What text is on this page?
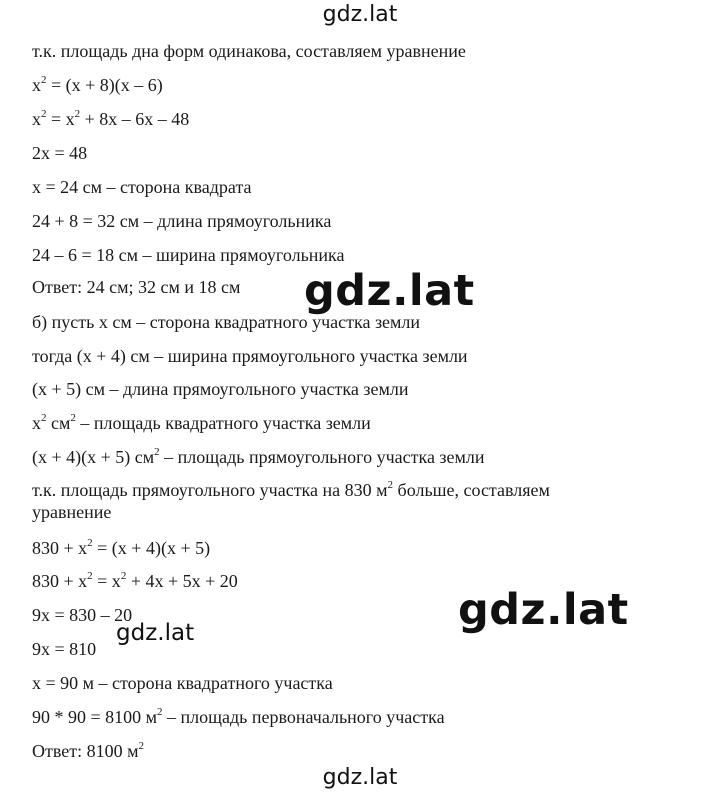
т.к. площадь дна форм одинакова, составляем уравнение
$x^2 = (x + 8)(x - 6)$
$x^2 = x^2 + 8x - 6x - 48$
2x = 48
x = 24 см – сторона квадрата
24 + 8 = 32 см – длина прямоугольника
24 – 6 = 18 см – ширина прямоугольника
Ответ: 24 см; 32 см и 18 см
б) пусть x см – сторона квадратного участка земли
тогда (x + 4) см – ширина прямоугольного участка земли
(x + 5) см – длина прямоугольного участка земли
$x^2$ $см^2$ – площадь квадратного участка земли
(x + 4)(x + 5) $см^2$ – площадь прямоугольного участка земли
т.к. площадь прямоугольного участка на 830 $м^2$ больше, составляем
уравнение
$830 + x^2 = (x + 4)(x + 5)$
$830 + x^2 = x^2 + 4x + 5x + 20$
9x = 830 – 20
9x = 810
x = 90 м – сторона квадратного участка
90 * 90 = 8100 $м^2$ – площадь первоначального участка
Ответ: 8100 $м^2$
gdz.lat
gdz.lat
gdz.lat
gdz.lat
gdz.lat
